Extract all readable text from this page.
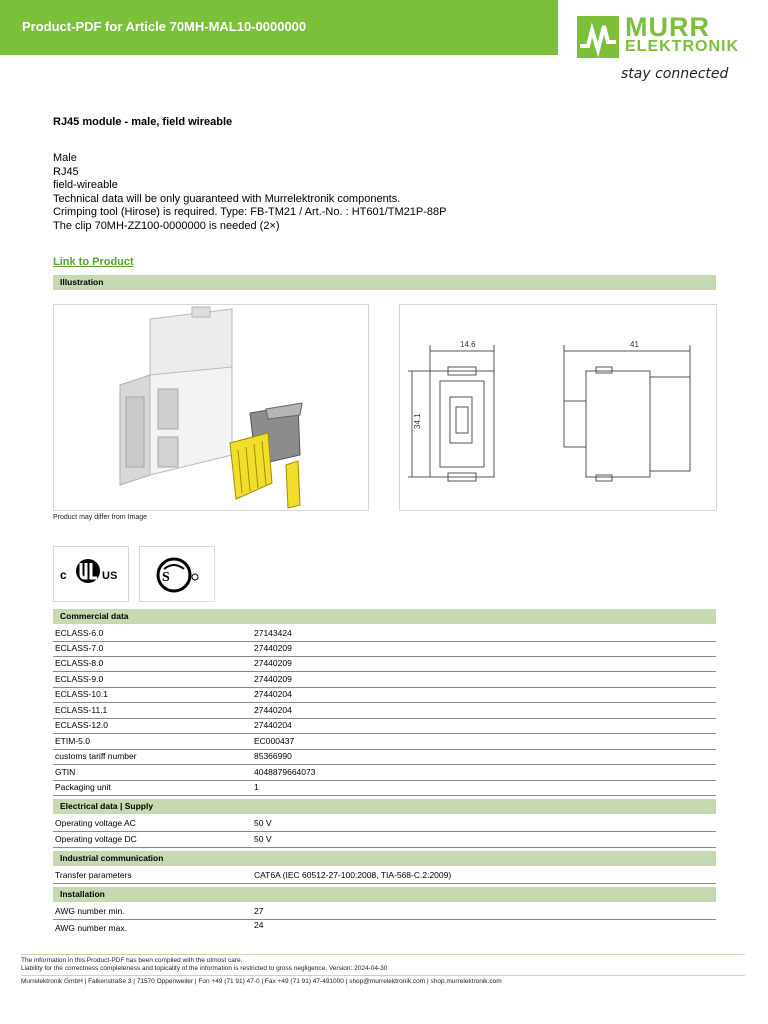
Product-PDF for Article 70MH-MAL10-0000000	MURR
ELEKTRONIK
stay connected
RJ45 module - male, field wireable
Male
RJ45
field-wireable
Technical data will be only guaranteed with Murrelektronik components.
Crimping tool (Hirose) is required. Type: FB-TM21 / Art.-No. : HT601/TM21P-88P
The clip 70MH-ZZ100-0000000 is needed (2×)
Link to Product
Illustration
14.6	41
34.1
Product may differ from Image
c	US	S
Commercial data
ECLASS-6.0	27143424
ECLASS-7.0	27440209
ECLASS-8.0	27440209
ECLASS-9.0	27440209
ECLASS-10.1	27440204
ECLASS-11.1	27440204
ECLASS-12.0	27440204
ETIM-5.0	EC000437
customs tariff number	85366990
GTIN	4048879664073
Packaging unit	1
Electrical data | Supply
Operating voltage AC	50 V
Operating voltage DC	50 V
Industrial communication
Transfer parameters	CAT6A (IEC 60512-27-100:2008, TIA-568-C.2:2009)
Installation
AWG number min.	27
AWG number max.	24
The information in this Product-PDF has been compiled with the utmost care.
Liability for the correctness completeness and topicality of the information is restricted to gross negligence. Version: 2024-04-30
Murrelektronik GmbH | Falkenstraße 3 | 71570 Oppenweiler | Fon +49 (71 91) 47-0 | Fax +49 (71 91) 47-491000 | shop@murrelektronik.com | shop.murrelektronik.com
